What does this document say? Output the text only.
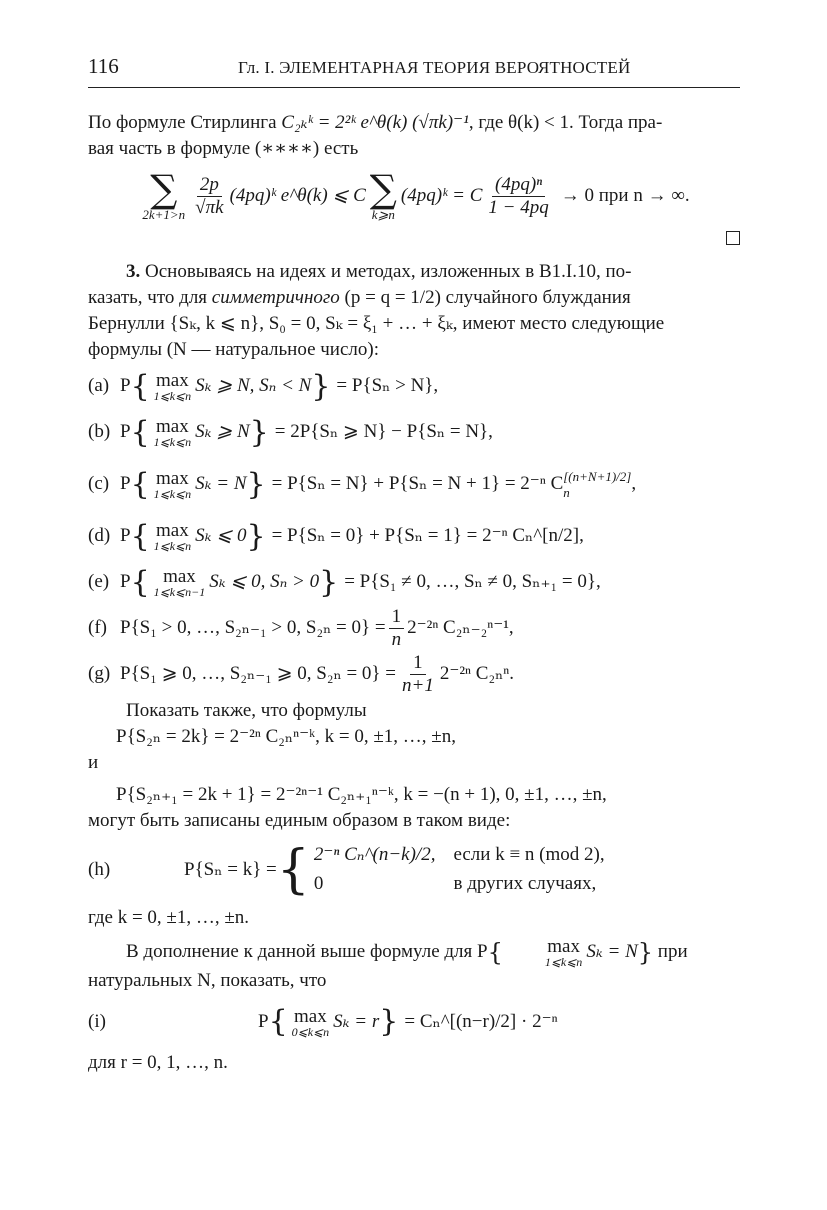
116	Гл. I. ЭЛЕМЕНТАРНАЯ ТЕОРИЯ ВЕРОЯТНОСТЕЙ

По формуле Стирлинга C₂ₖᵏ = 2²ᵏ e^θ(k) (√πk)⁻¹, где θ(k) < 1. Тогда пра-

вая часть в формуле (∗∗∗∗) есть

∑
$2k+1>n \frac{2p}{√\pi k}$ (4pq)ᵏ e^θ(k) ⩽ C ∑
k⩾n
(4pq)ᵏ = C $\frac{\text{(4pq)ⁿ}}{1 - 4pq} \to 0$ при n → ∞.

3. Основываясь на идеях и методах, изложенных в В1.I.10, по-

казать, что для симметричного (p = q = 1/2) случайного блуждания

Бернулли {Sₖ, k ⩽ n}, S₀ = 0, Sₖ = ξ₁ + … + ξₖ, имеют место следующие

формулы (N — натуральное число):

(a) P { max
1⩽k⩽n Sₖ ⩾ N, Sₙ < N } = P{Sₙ > N},
(b) P { max
1⩽k⩽n Sₖ ⩾ N } = 2P{Sₙ ⩾ N} − P{Sₙ = N},
(c) P { max
1⩽k⩽n Sₖ = N } = P{Sₙ = N} + P{Sₙ = N + 1} = 2⁻ⁿ C [(n+N+1)/2]
n	,
(d) P { max
1⩽k⩽n Sₖ ⩽ 0 } = P{Sₙ = 0} + P{Sₙ = 1} = 2⁻ⁿ Cₙ^[n/2],
(e) P { max
1⩽k⩽n−1 Sₖ ⩽ 0, Sₙ > 0 } = P{S₁ ≠ 0, …, Sₙ ≠ 0, Sₙ₊₁ = 0},
(f) P{S₁ > 0, …, S₂ₙ₋₁ > 0, $S_{2n} = 0\} = \frac{1}{n} 2^{-2n}$ C₂ₙ₋₂ⁿ⁻¹,
(g) P{S₁ ⩾ 0, …, S₂ₙ₋₁ ⩾ 0, $S_{2n} = 0\} = \frac{1}{n+1} 2^{-2n}$ C₂ₙⁿ.

Показать также, что формулы

P{S₂ₙ = 2k} = 2⁻²ⁿ C₂ₙⁿ⁻ᵏ, k = 0, ±1, …, ±n,

и

P{S₂ₙ₊₁ = 2k + 1} = 2⁻²ⁿ⁻¹ C₂ₙ₊₁ⁿ⁻ᵏ, k = −(n + 1), 0, ±1, …, ±n,

могут быть записаны единым образом в таком виде:

(h)	P{Sₙ = k} = { 2⁻ⁿ Cₙ^(n−k)/2,	если k ≡ n (mod 2),
0	в других случаях,

где k = 0, ±1, …, ±n.

В дополнение к данной выше формуле для P{	max
1⩽k⩽n
Sₖ = N} при

натуральных N, показать, что

(i)	P { max
0⩽k⩽n Sₖ = r } = Cₙ^[(n−r)/2] · 2⁻ⁿ

для r = 0, 1, …, n.
